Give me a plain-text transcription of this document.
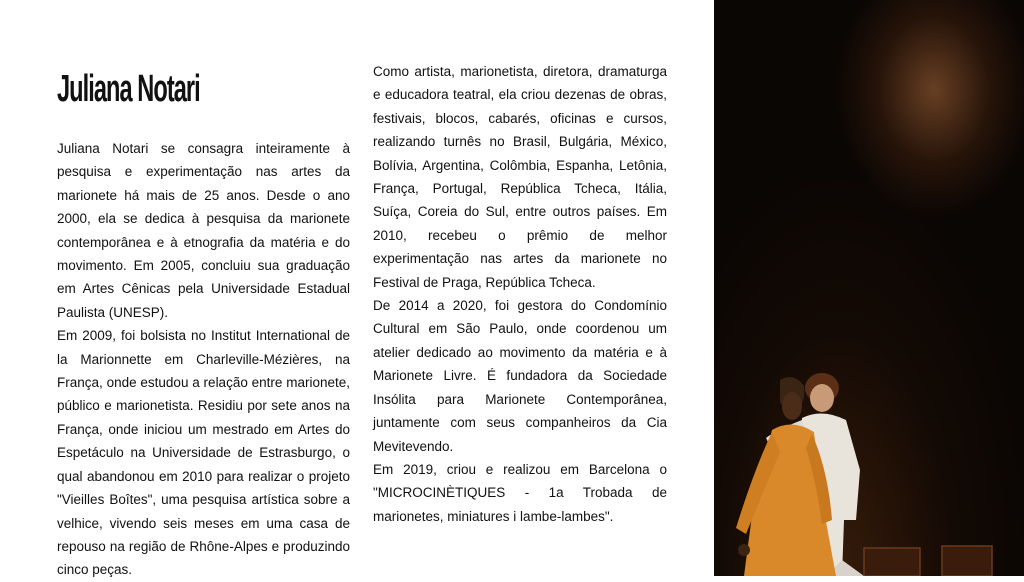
Juliana Notari

Juliana Notari se consagra inteiramente à pesquisa e experimentação nas artes da marionete há mais de 25 anos. Desde o ano 2000, ela se dedica à pesquisa da marionete contemporânea e à etnografia da matéria e do movimento. Em 2005, concluiu sua graduação em Artes Cênicas pela Universidade Estadual Paulista (UNESP).

Em 2009, foi bolsista no Institut International de la Marionnette em Charleville-Mézières, na França, onde estudou a relação entre marionete, público e marionetista. Residiu por sete anos na França, onde iniciou um mestrado em Artes do Espetáculo na Universidade de Estrasburgo, o qual abandonou em 2010 para realizar o projeto "Vieilles Boîtes", uma pesquisa artística sobre a velhice, vivendo seis meses em uma casa de repouso na região de Rhône-Alpes e produzindo cinco peças.

Como artista, marionetista, diretora, dramaturga e educadora teatral, ela criou dezenas de obras, festivais, blocos, cabarés, oficinas e cursos, realizando turnês no Brasil, Bulgária, México, Bolívia, Argentina, Colômbia, Espanha, Letônia, França, Portugal, República Tcheca, Itália, Suíça, Coreia do Sul, entre outros países. Em 2010, recebeu o prêmio de melhor experimentação nas artes da marionete no Festival de Praga, República Tcheca.

De 2014 a 2020, foi gestora do Condomínio Cultural em São Paulo, onde coordenou um atelier dedicado ao movimento da matéria e à Marionete Livre. É fundadora da Sociedade Insólita para Marionete Contemporânea, juntamente com seus companheiros da Cia Mevitevendo.

Em 2019, criou e realizou em Barcelona o "MICROCINÈTIQUES - 1a Trobada de marionetes, miniatures i lambe-lambes".
